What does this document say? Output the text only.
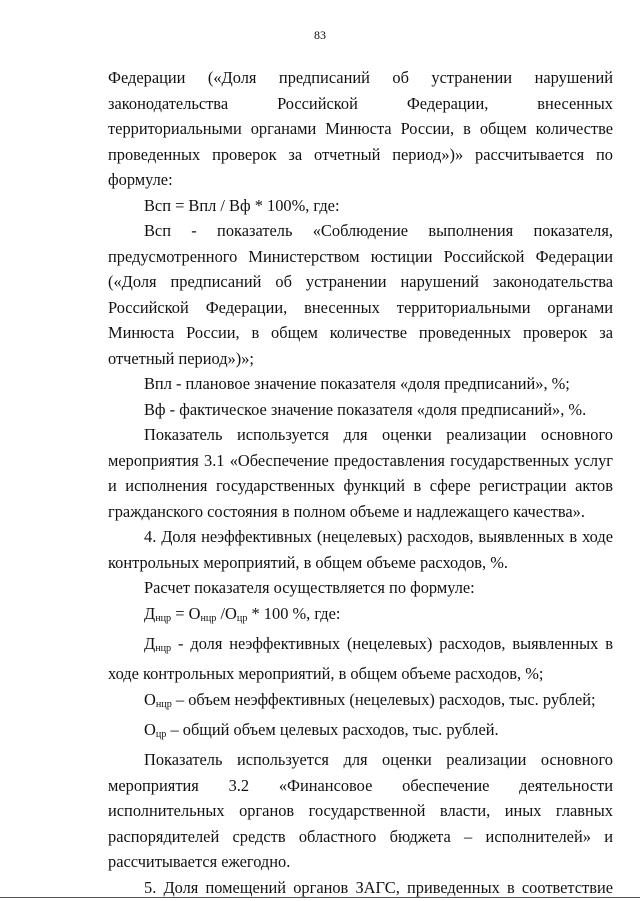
83

Федерации («Доля предписаний об устранении нарушений законодательства Российской Федерации, внесенных территориальными органами Минюста России, в общем количестве проведенных проверок за отчетный период»)» рассчитывается по формуле:

Всп = Впл / Вф * 100%, где:

Всп - показатель «Соблюдение выполнения показателя, предусмотренного Министерством юстиции Российской Федерации («Доля предписаний об устранении нарушений законодательства Российской Федерации, внесенных территориальными органами Минюста России, в общем количестве проведенных проверок за отчетный период»)»;

Впл - плановое значение показателя «доля предписаний», %;

Вф - фактическое значение показателя «доля предписаний», %.

Показатель используется для оценки реализации основного мероприятия 3.1 «Обеспечение предоставления государственных услуг и исполнения государственных функций в сфере регистрации актов гражданского состояния в полном объеме и надлежащего качества».

4. Доля неэффективных (нецелевых) расходов, выявленных в ходе контрольных мероприятий, в общем объеме расходов, %.

Расчет показателя осуществляется по формуле:

Днцр = Онцр /Оцр * 100 %, где:

Днцр - доля неэффективных (нецелевых) расходов, выявленных в ходе контрольных мероприятий, в общем объеме расходов, %;

Онцр – объем неэффективных (нецелевых) расходов, тыс. рублей;

Оцр – общий объем целевых расходов, тыс. рублей.

Показатель используется для оценки реализации основного мероприятия 3.2 «Финансовое обеспечение деятельности исполнительных органов государственной власти, иных главных распорядителей средств областного бюджета – исполнителей» и рассчитывается ежегодно.

5. Доля помещений органов ЗАГС, приведенных в соответствие
